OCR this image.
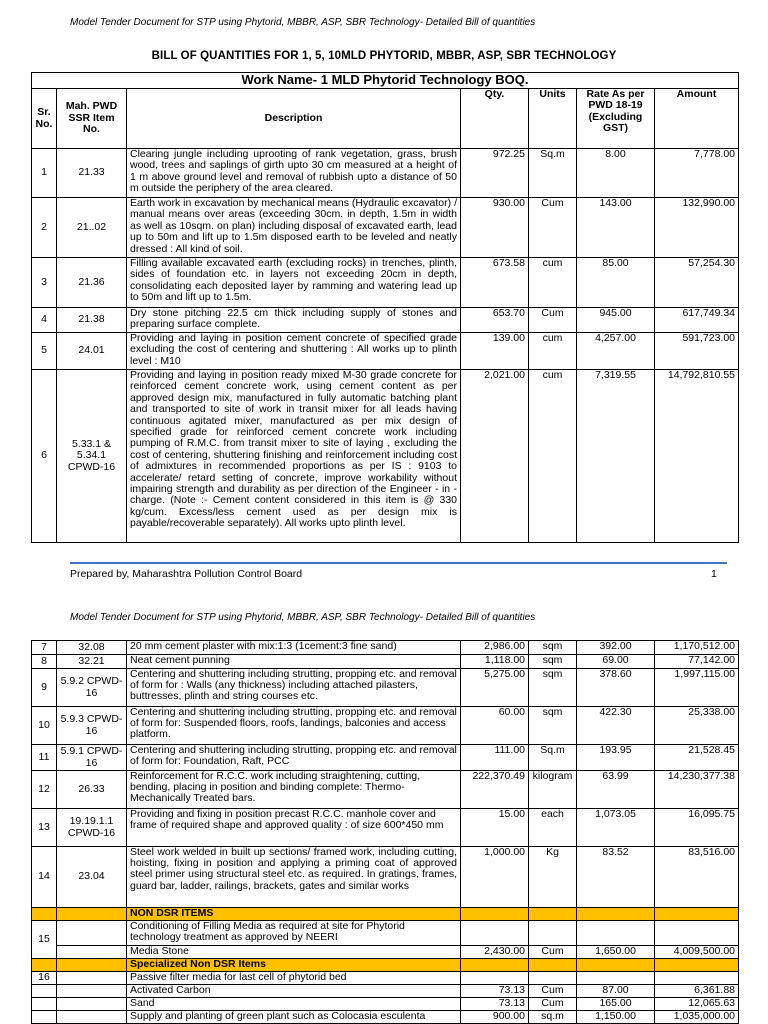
Model Tender Document for STP using Phytorid, MBBR, ASP, SBR Technology- Detailed Bill of quantities
BILL OF QUANTITIES FOR 1, 5, 10MLD PHYTORID, MBBR, ASP, SBR TECHNOLOGY
Work Name- 1 MLD Phytorid Technology BOQ.						
Sr. No.	Mah. PWD SSR Item No.	Description	Qty.	Units	Rate As per PWD 18-19 (Excluding GST)	Amount
1	21.33	Clearing jungle including uprooting of rank vegetation, grass, brush wood, trees and saplings of girth upto 30 cm measured at a height of 1 m above ground level and removal of rubbish upto a distance of 50 m outside the periphery of the area cleared.	972.25	Sq.m	8.00	7,778.00
2	21..02	Earth work in excavation by mechanical means (Hydraulic excavator) / manual means over areas (exceeding 30cm. in depth, 1.5m in width as well as 10sqm. on plan) including disposal of excavated earth, lead up to 50m and lift up to 1.5m disposed earth to be leveled and neatly dressed : All kind of soil.	930.00	Cum	143.00	132,990.00
3	21.36	Filling available excavated earth (excluding rocks) in trenches, plinth, sides of foundation etc. in layers not exceeding 20cm in depth, consolidating each deposited layer by ramming and watering lead up to 50m and lift up to 1.5m.	673.58	cum	85.00	57,254.30
4	21.38	Dry stone pitching 22.5 cm thick including supply of stones and preparing surface complete.	653.70	Cum	945.00	617,749.34
5	24.01	Providing and laying in position cement concrete of specified grade excluding the cost of centering and shuttering : All works up to plinth level : M10	139.00	cum	4,257.00	591,723.00
6	5.33.1 & 5.34.1 CPWD-16	Providing and laying in position ready mixed M-30 grade concrete for reinforced cement concrete work, using cement content as per approved design mix, manufactured in fully automatic batching plant and transported to site of work in transit mixer for all leads having continuous agitated mixer, manufactured as per mix design of specified grade for reinforced cement concrete work including pumping of R.M.C. from transit mixer to site of laying , excluding the cost of centering, shuttering finishing and reinforcement including cost of admixtures in recommended proportions as per IS : 9103 to accelerate/ retard setting of concrete, improve workability without impairing strength and durability as per direction of the Engineer - in - charge. (Note :- Cement content considered in this item is @ 330 kg/cum. Excess/less cement used as per design mix is payable/recoverable separately). All works upto plinth level.	2,021.00	cum	7,319.55	14,792,810.55
Prepared by, Maharashtra Pollution Control Board	1
Model Tender Document for STP using Phytorid, MBBR, ASP, SBR Technology- Detailed Bill of quantities
7	32.08	20 mm cement plaster with mix:1:3 (1cement:3 fine sand)	2,986.00	sqm	392.00	1,170,512.00
8	32.21	Neat cement punning	1,118.00	sqm	69.00	77,142.00
9	5.9.2 CPWD-16	Centering and shuttering including strutting, propping etc. and removal of form for : Walls (any thickness) including attached pilasters, buttresses, plinth and string courses etc.	5,275.00	sqm	378.60	1,997,115.00
10	5.9.3 CPWD-16	Centering and shuttering including strutting, propping etc. and removal of form for: Suspended floors, roofs, landings, balconies and access platform.	60.00	sqm	422.30	25,338.00
11	5.9.1 CPWD-16	Centering and shuttering including strutting, propping etc. and removal of form for: Foundation, Raft, PCC	111.00	Sq.m	193.95	21,528.45
12	26.33	Reinforcement for R.C.C. work including straightening, cutting, bending, placing in position and binding complete: Thermo-Mechanically Treated bars.	222,370.49	kilogram	63.99	14,230,377.38
13	19.19.1.1 CPWD-16	Providing and fixing in position precast R.C.C. manhole cover and frame of required shape and approved quality : of size 600*450 mm	15.00	each	1,073.05	16,095.75
14	23.04	Steel work welded in built up sections/ framed work, including cutting, hoisting, fixing in position and applying a priming coat of approved steel primer using structural steel etc. as required. In gratings, frames, guard bar, ladder, railings, brackets, gates and similar works	1,000.00	Kg	83.52	83,516.00
		NON DSR ITEMS				
15		Conditioning of Filling Media as required at site for Phytorid technology treatment as approved by NEERI				
		Media Stone	2,430.00	Cum	1,650.00	4,009,500.00
		Specialized Non DSR Items				
16		Passive filter media for last cell of phytorid bed				
		Activated Carbon	73.13	Cum	87.00	6,361.88
		Sand	73.13	Cum	165.00	12,065.63
		Supply and planting of green plant such as Colocasia esculenta	900.00	sq.m	1,150.00	1,035,000.00
